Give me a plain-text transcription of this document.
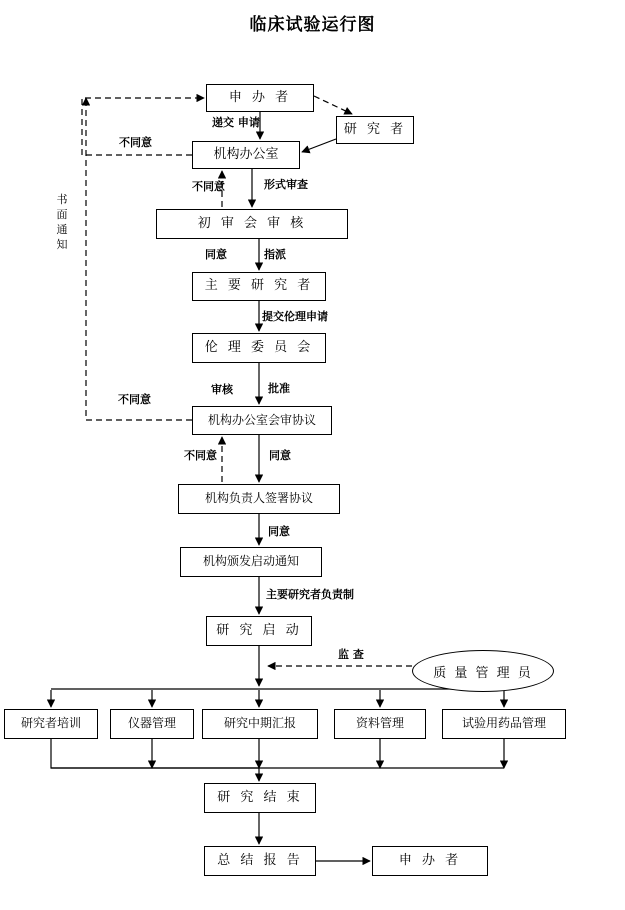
临床试验运行图
申 办 者
研 究 者
机构办公室
初 审 会 审 核
主 要 研 究 者
伦 理 委 员 会
机构办公室会审协议
机构负责人签署协议
机构颁发启动通知
研 究 启 动
质 量 管 理 员
研究者培训	仪器管理	研究中期汇报	资料管理	试验用药品管理
研 究 结 束
总 结 报 告	申 办 者
递交 申请
不同意
不同意	形式审查
同意	指派
提交伦理申请
审核	批准
不同意
不同意	同意
同意
主要研究者负责制
监 查
书面通知
